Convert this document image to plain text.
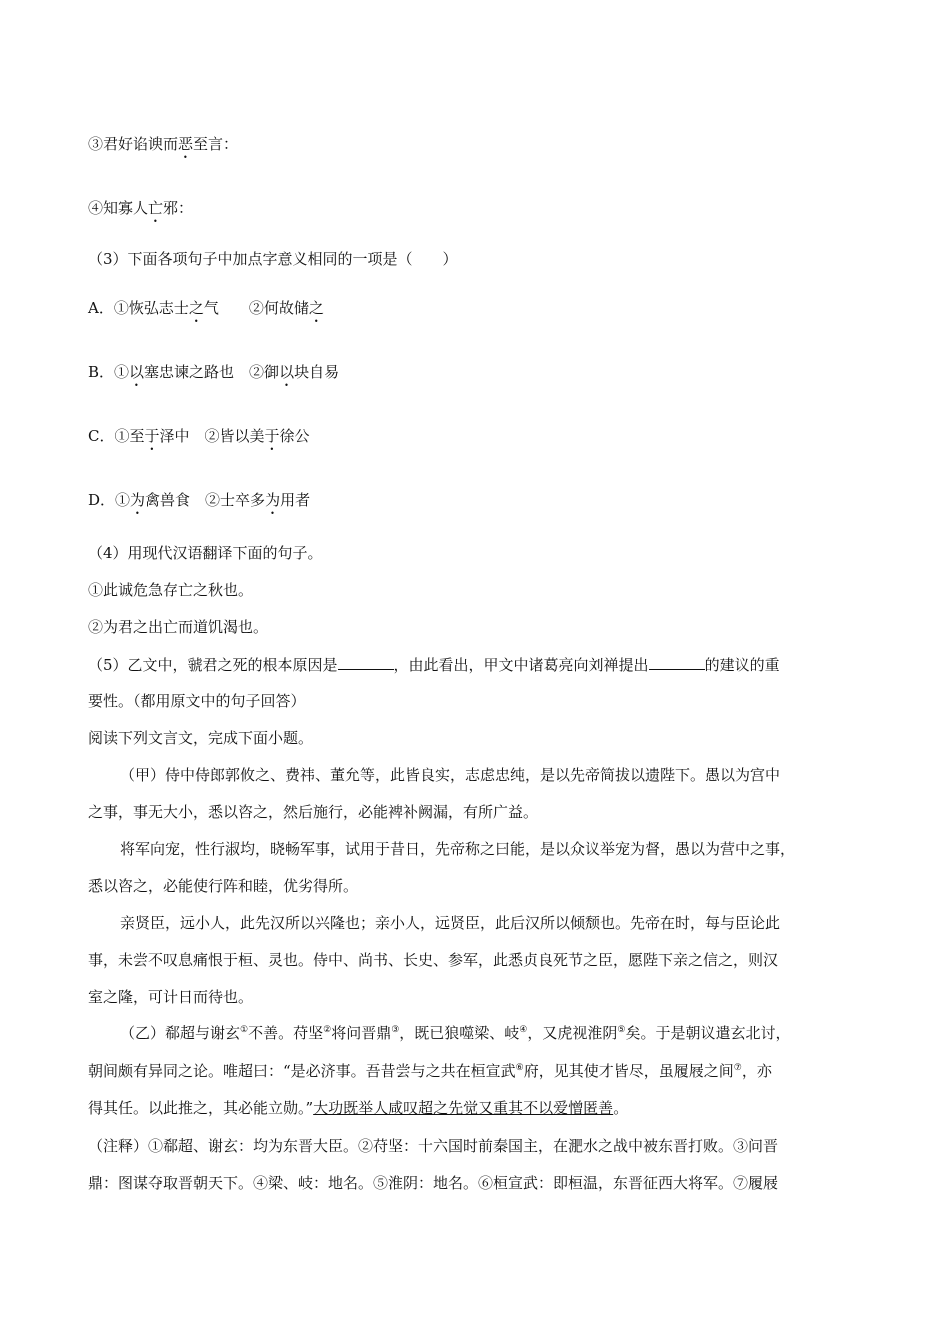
③君好谄谀而恶至言：

④知寡人亡邪：

（3）下面各项句子中加点字意义相同的一项是（　　）

A．①恢弘志士之气　　②何故储之

B．①以塞忠谏之路也　②御以块自易

C．①至于泽中　②皆以美于徐公

D．①为禽兽食　②士卒多为用者

（4）用现代汉语翻译下面的句子。

①此诚危急存亡之秋也。

②为君之出亡而道饥渴也。

（5）乙文中，虢君之死的根本原因是	，由此看出，甲文中诸葛亮向刘禅提出	的建议的重

要性。（都用原文中的句子回答）

阅读下列文言文，完成下面小题。

（甲）侍中侍郎郭攸之、费祎、董允等，此皆良实，志虑忠纯，是以先帝简拔以遗陛下。愚以为宫中

之事，事无大小，悉以咨之，然后施行，必能裨补阙漏，有所广益。

将军向宠，性行淑均，晓畅军事，试用于昔日，先帝称之曰能，是以众议举宠为督，愚以为营中之事，

悉以咨之，必能使行阵和睦，优劣得所。

亲贤臣，远小人，此先汉所以兴隆也；亲小人，远贤臣，此后汉所以倾颓也。先帝在时，每与臣论此

事，未尝不叹息痛恨于桓、灵也。侍中、尚书、长史、参军，此悉贞良死节之臣，愿陛下亲之信之，则汉

室之隆，可计日而待也。

（乙）郗超与谢玄①不善。苻坚②将问晋鼎③，既已狼噬梁、岐④，又虎视淮阴⑤矣。于是朝议遣玄北讨，

朝间颇有异同之论。唯超曰：“是必济事。吾昔尝与之共在桓宣武⑥府，见其使才皆尽，虽履屐之间⑦，亦

得其任。以此推之，其必能立勋。”大功既举人咸叹超之先觉又重其不以爱憎匿善。

（注释）①郗超、谢玄：均为东晋大臣。②苻坚：十六国时前秦国主，在淝水之战中被东晋打败。③问晋

鼎：图谋夺取晋朝天下。④梁、岐：地名。⑤淮阴：地名。⑥桓宣武：即桓温，东晋征西大将军。⑦履屐
